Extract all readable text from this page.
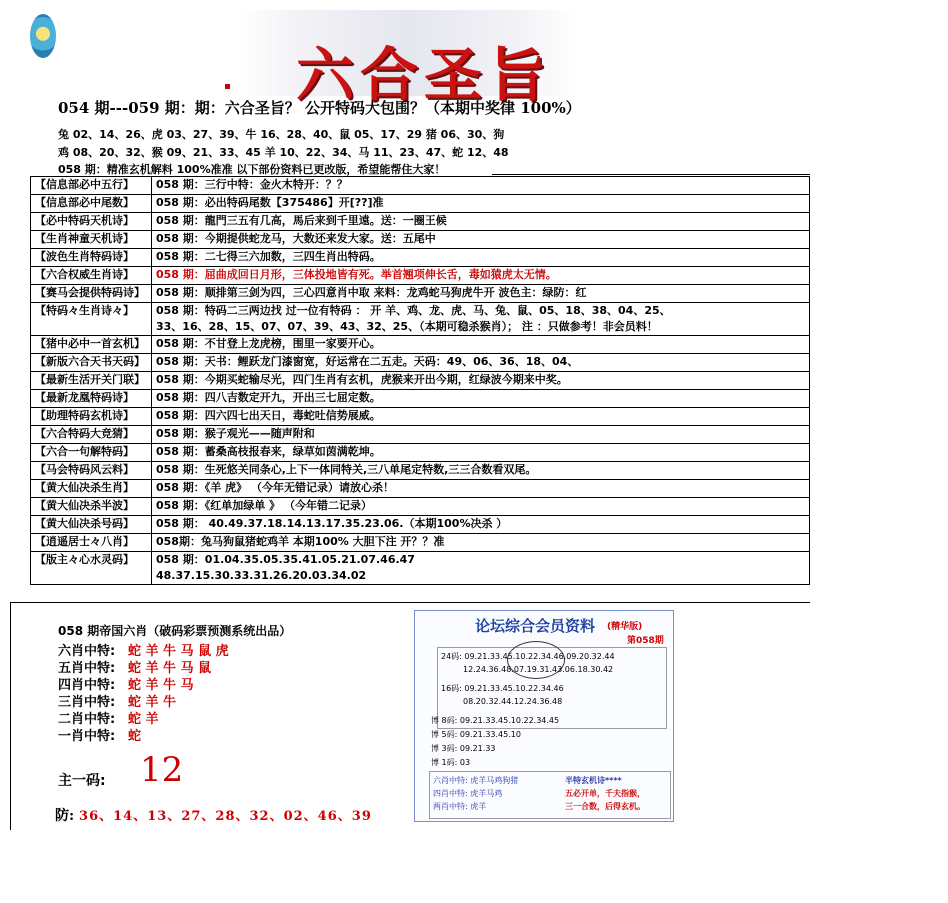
六合圣旨
054 期---059 期：期：六合圣旨？ 公开特码大包围？（本期中奖律 100%）
兔 02、14、26、虎 03、27、39、牛 16、28、40、鼠 05、17、29 猪 06、30、狗
鸡 08、20、32、猴 09、21、33、45 羊 10、22、34、马 11、23、47、蛇 12、48
058 期：精准玄机解料 100%准准 以下部份资料已更改版，希望能帮住大家！
【信息部必中五行】	058 期：三行中特：金火木特开：？？

【信息部必中尾数】	058 期：必出特码尾数【375486】开[??]准

【必中特码天机诗】	058 期：龍門三五有几高，馬后来到千里遠。送：一圈王候

【生肖神童天机诗】	058 期：今期提供蛇龙马，大数还来发大家。送：五尾中

【波色生肖特码诗】	058 期：二七得三六加数，三四生肖出特码。

【六合权威生肖诗】	058 期：屈曲成回日月形，三体投地皆有死。举首翘项伸长舌，毒如猿虎太无情。

【赛马会提供特码诗】	058 期：顺排第三剑为四，三心四意肖中取 来料：龙鸡蛇马狗虎牛开 波色主：绿防：红

【特码々生肖诗々】	058 期：特码二三两边找 过一位有特码 ： 开 羊、鸡、龙、虎、马、兔、鼠、05、18、38、04、25、
33、16、28、15、07、07、39、43、32、25、（本期可稳杀猴肖）； 注 ：只做参考！非会员料！

【猪中必中一首玄机】	058 期：不甘登上龙虎榜，围里一家要开心。

【新版六合天书天码】	058 期：天书：鲤跃龙门漆窗宽，好运常在二五走。天码：49、06、36、18、04、

【最新生活开关门联】	058 期：今期买蛇输尽光，四门生肖有玄机，虎猴来开出今期，红绿波今期来中奖。

【最新龙凰特码诗】	058 期：四八吉数定开九，开出三七屈定数。

【助理特码玄机诗】	058 期：四六四七出天日，毒蛇吐信势展威。

【六合特码大竞猜】	058 期：猴子观光——随声附和

【六合一句解特码】	058 期：蓄桑高枝报春来，绿草如茵满乾坤。

【马会特码风云料】	058 期：生死悠关同条心,上下一体同特关,三八单尾定特数,三三合数看双尾。

【黄大仙决杀生肖】	058 期：《羊 虎》 （今年无错记录）请放心杀！

【黄大仙决杀半波】	058 期：《红单加绿单 》 （今年错二记录）

【黄大仙决杀号码】	058 期： 40.49.37.18.14.13.17.35.23.06.（本期100%决杀 ）

【逍遥居士々八肖】	058期：兔马狗鼠猪蛇鸡羊 本期100% 大胆下注 开？？准

【版主々心水灵码】	058 期：01.04.35.05.35.41.05.21.07.46.47
48.37.15.30.33.31.26.20.03.34.02
058 期帝国六肖（破码彩票预测系统出品）
六肖中特: 蛇 羊 牛 马 鼠 虎
五肖中特: 蛇 羊 牛 马 鼠
四肖中特: 蛇 羊 牛 马
三肖中特: 蛇 羊 牛
二肖中特: 蛇 羊
一肖中特: 蛇
主一码: 12
防: 36、14、13、27、28、32、02、46、39
论坛综合会员资料 (精华版)
第058期
24码: 09.21.33.45.10.22.34.46.09.20.32.44
12.24.36.48.07.19.31.43.06.18.30.42
16码: 09.21.33.45.10.22.34.46
08.20.32.44.12.24.36.48
博 8码: 09.21.33.45.10.22.34.45
博 5码: 09.21.33.45.10
博 3码: 09.21.33
博 1码: 03
六肖中特: 虎羊马鸡狗猪
四肖中特: 虎羊马鸡
两肖中特: 虎羊
半特玄机诗****
五必开单，千夫指猴，
三一合数，后得玄机。
